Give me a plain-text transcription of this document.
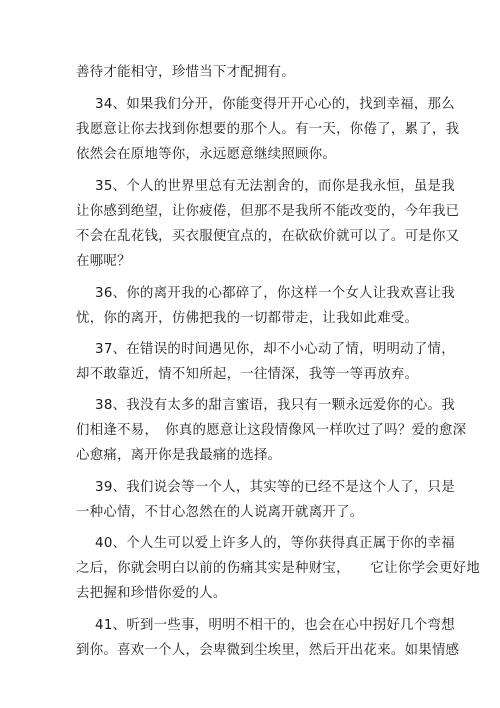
善待才能相守，珍惜当下才配拥有。
34、如果我们分开，你能变得开开心心的，找到幸福，那么
我愿意让你去找到你想要的那个人。有一天，你倦了，累了，我
依然会在原地等你，永远愿意继续照顾你。
35、个人的世界里总有无法割舍的，而你是我永恒，虽是我
让你感到绝望，让你疲倦，但那不是我所不能改变的，今年我已
不会在乱花钱，买衣服便宜点的，在砍砍价就可以了。可是你又
在哪呢？
36、你的离开我的心都碎了，你这样一个女人让我欢喜让我
忧，你的离开，仿佛把我的一切都带走，让我如此难受。
37、在错误的时间遇见你，却不小心动了情，明明动了情，
却不敢靠近，情不知所起，一往情深，我等一等再放弃。
38、我没有太多的甜言蜜语，我只有一颗永远爱你的心。我
们相逢不易，　你真的愿意让这段情像风一样吹过了吗？爱的愈深
心愈痛，离开你是我最痛的选择。
39、我们说会等一个人，其实等的已经不是这个人了，只是
一种心情，不甘心忽然在的人说离开就离开了。
40、个人生可以爱上许多人的，等你获得真正属于你的幸福
之后，你就会明白以前的伤痛其实是种财宝，　　它让你学会更好地
去把握和珍惜你爱的人。
41、听到一些事，明明不相干的，也会在心中拐好几个弯想
到你。喜欢一个人，会卑微到尘埃里，然后开出花来。如果情感
